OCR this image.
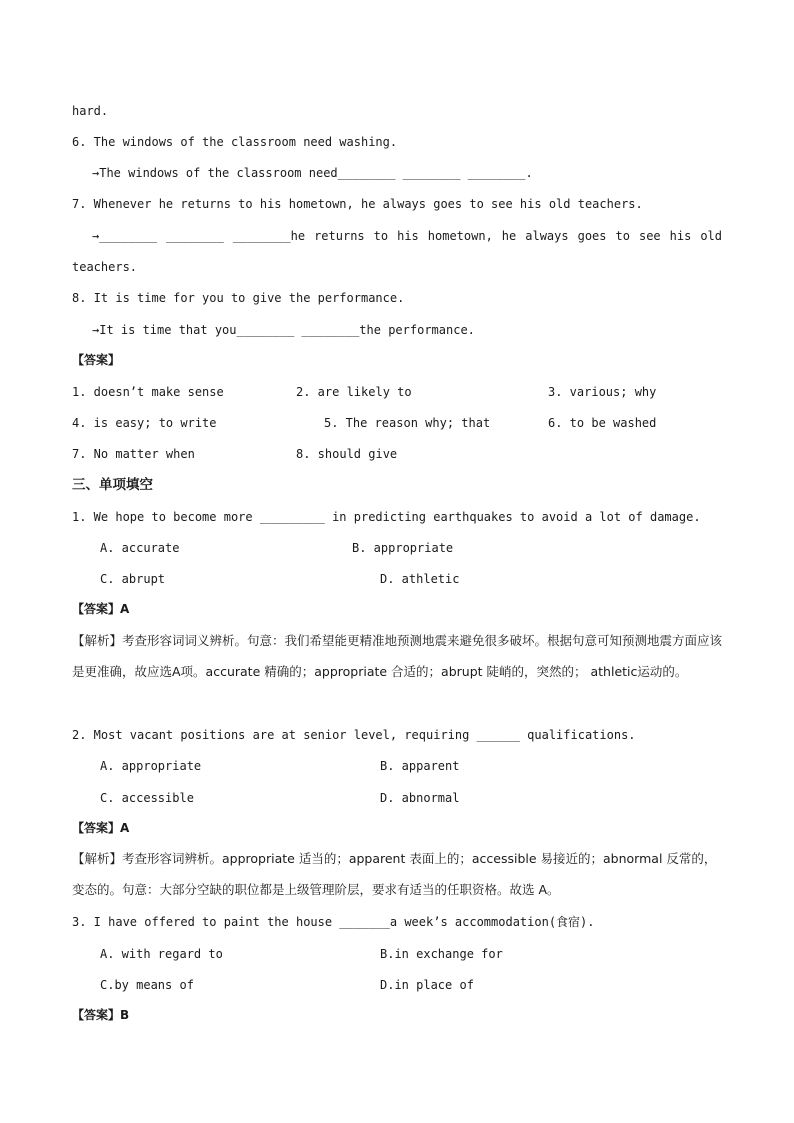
hard.
6. The windows of the classroom need washing.
→The windows of the classroom need________ ________ ________.
7. Whenever he returns to his hometown, he always goes to see his old teachers.
→________ ________ ________he returns to his hometown, he always goes to see his old
teachers.
8. It is time for you to give the performance.
→It is time that you________ ________the performance.
【答案】
1. doesn’t make sense	2. are likely to	3. various; why
4. is easy; to write	5. The reason why; that	6. to be washed
7. No matter when	8. should give
三、单项填空
1. We hope to become more _________ in predicting earthquakes to avoid a lot of damage.
A. accurate	B. appropriate
C. abrupt	D. athletic
【答案】A
【解析】考查形容词词义辨析。句意：我们希望能更精准地预测地震来避免很多破坏。根据句意可知预测地震方面应该是更准确，故应选A项。accurate 精确的；appropriate 合适的；abrupt 陡峭的，突然的； athletic运动的。
2. Most vacant positions are at senior level, requiring ______ qualifications.
A. appropriate	B. apparent
C. accessible	D. abnormal
【答案】A
【解析】考查形容词辨析。appropriate 适当的；apparent 表面上的；accessible 易接近的；abnormal 反常的，变态的。句意：大部分空缺的职位都是上级管理阶层，要求有适当的任职资格。故选 A。
3. I have offered to paint the house _______a week’s accommodation(食宿).
A. with regard to	B.in exchange for
C.by means of	D.in place of
【答案】B
